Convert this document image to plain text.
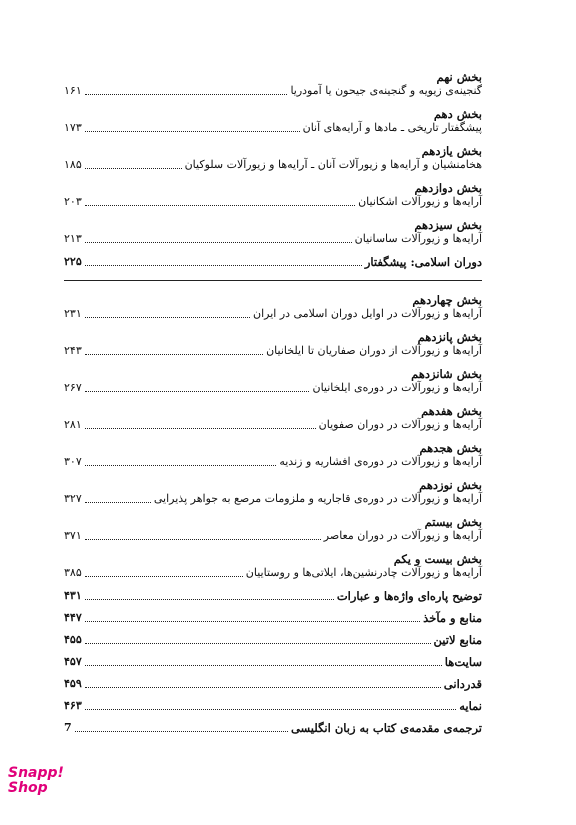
بخش نهم
گنجینه‌ی زیویه و گنجینه‌ی جیحون یا آمودریا
۱۶۱
بخش دهم
پیشگفتار تاریخی ـ مادها و آرایه‌های آنان
۱۷۳
بخش یازدهم
هخامنشیان و آرایه‌ها و زیورآلات آنان ـ آرایه‌ها و زیورآلات سلوکیان
۱۸۵
بخش دوازدهم
آرایه‌ها و زیورآلات اشکانیان
۲۰۳
بخش سیزدهم
آرایه‌ها و زیورآلات ساسانیان
۲۱۳
دوران اسلامی: پیشگفتار
۲۲۵
بخش چهاردهم
آرایه‌ها و زیورآلات در اوایل دوران اسلامی در ایران
۲۳۱
بخش پانزدهم
آرایه‌ها و زیورآلات از دوران صفاریان تا ایلخانیان
۲۴۳
بخش شانزدهم
آرایه‌ها و زیورآلات در دوره‌ی ایلخانیان
۲۶۷
بخش هفدهم
آرایه‌ها و زیورآلات در دوران صفویان
۲۸۱
بخش هجدهم
آرایه‌ها و زیورآلات در دوره‌ی افشاریه و زندیه
۳۰۷
بخش نوزدهم
آرایه‌ها و زیورآلات در دوره‌ی قاجاریه و ملزومات مرصع به جواهر پذیرایی
۳۲۷
بخش بیستم
آرایه‌ها و زیورآلات در دوران معاصر
۳۷۱
بخش بیست و یکم
آرایه‌ها و زیورآلات چادرنشین‌ها، ایلاتی‌ها و روستاییان
۳۸۵
توضیح پاره‌ای واژه‌ها و عبارات
۴۳۱
منابع و مآخذ
۴۴۷
منابع لاتین
۴۵۵
سایت‌ها
۴۵۷
قدردانی
۴۵۹
نمایه
۴۶۳
ترجمه‌ی مقدمه‌ی کتاب به زبان انگلیسی
7
Snapp!
Shop
